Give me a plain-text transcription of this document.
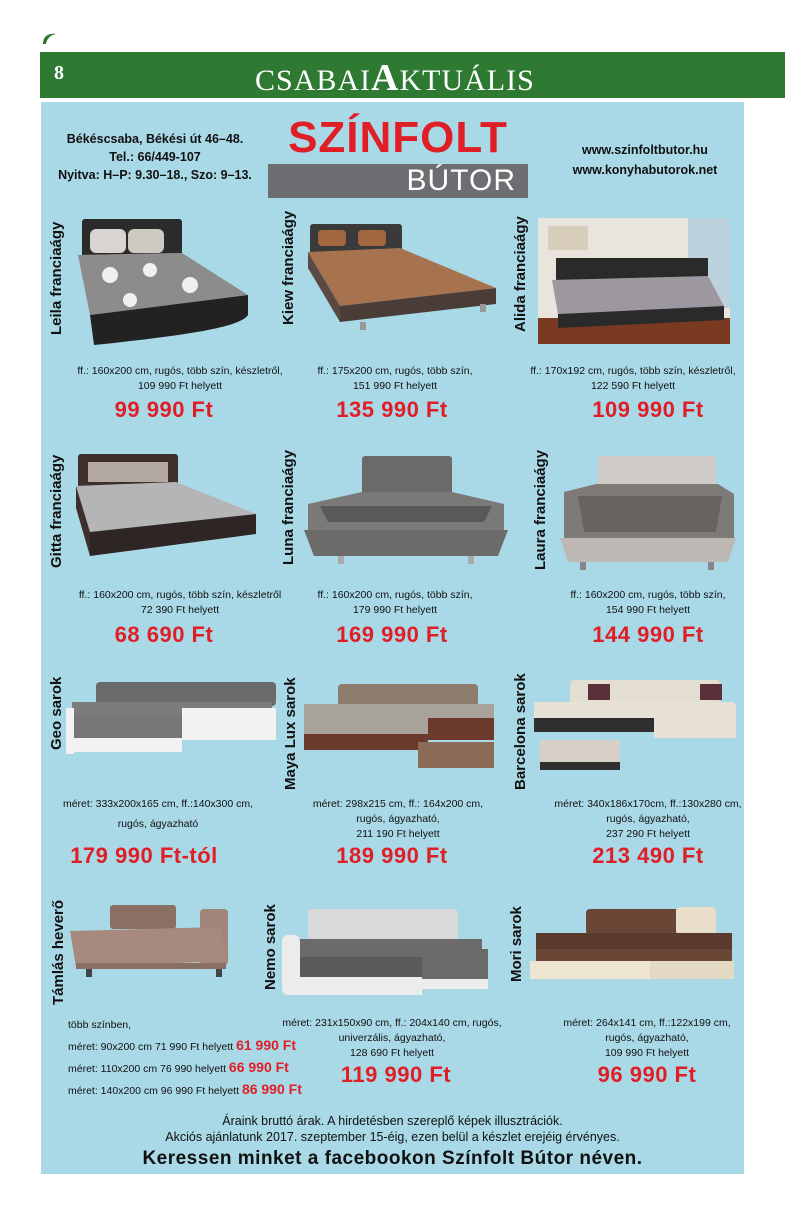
8	CSABAIAKTUÁLIS
Békéscsaba, Békési út 46–48.
Tel.: 66/449-107
Nyitva: H–P: 9.30–18., Szo: 9–13.
SZÍNFOLT
BÚTOR
www.szinfoltbutor.hu
www.konyhabutorok.net
Leila franciaágy
ff.: 160x200 cm, rugós, több szín, készletről,
109 990 Ft helyett
99 990 Ft
Kiew franciaágy
ff.: 175x200 cm, rugós, több szín,
151 990 Ft helyett
135 990 Ft
Alida franciaágy
ff.: 170x192 cm, rugós, több szín, készletről,
122 590 Ft helyett
109 990 Ft
Gitta franciaágy
ff.: 160x200 cm, rugós, több szín, készletről
72 390 Ft helyett
68 690 Ft
Luna franciaágy
ff.: 160x200 cm, rugós, több szín,
179 990 Ft helyett
169 990 Ft
Laura franciaágy
ff.: 160x200 cm, rugós, több szín,
154 990 Ft helyett
144 990 Ft
Geo sarok
méret: 333x200x165 cm, ff.:140x300 cm,
rugós, ágyazható
179 990 Ft-tól
Maya Lux sarok
méret: 298x215 cm, ff.: 164x200 cm,
rugós, ágyazható,
211 190 Ft helyett
189 990 Ft
Barcelona sarok
méret: 340x186x170cm, ff.:130x280 cm,
rugós, ágyazható,
237 290 Ft helyett
213 490 Ft
Támlás heverő
több színben,
méret: 90x200 cm 71 990 Ft helyett 61 990 Ft
méret: 110x200 cm 76 990 helyett 66 990 Ft
méret: 140x200 cm 96 990 Ft helyett 86 990 Ft
Nemo sarok
méret: 231x150x90 cm, ff.: 204x140 cm, rugós,
univerzális, ágyazható,
128 690 Ft helyett
119 990 Ft
Mori sarok
méret: 264x141 cm, ff.:122x199 cm,
rugós, ágyazható,
109 990 Ft helyett
96 990 Ft
Áraink bruttó árak. A hirdetésben szereplő képek illusztrációk.
Akciós ajánlatunk 2017. szeptember 15-éig, ezen belül a készlet erejéig érvényes.
Keressen minket a facebookon Színfolt Bútor néven.
